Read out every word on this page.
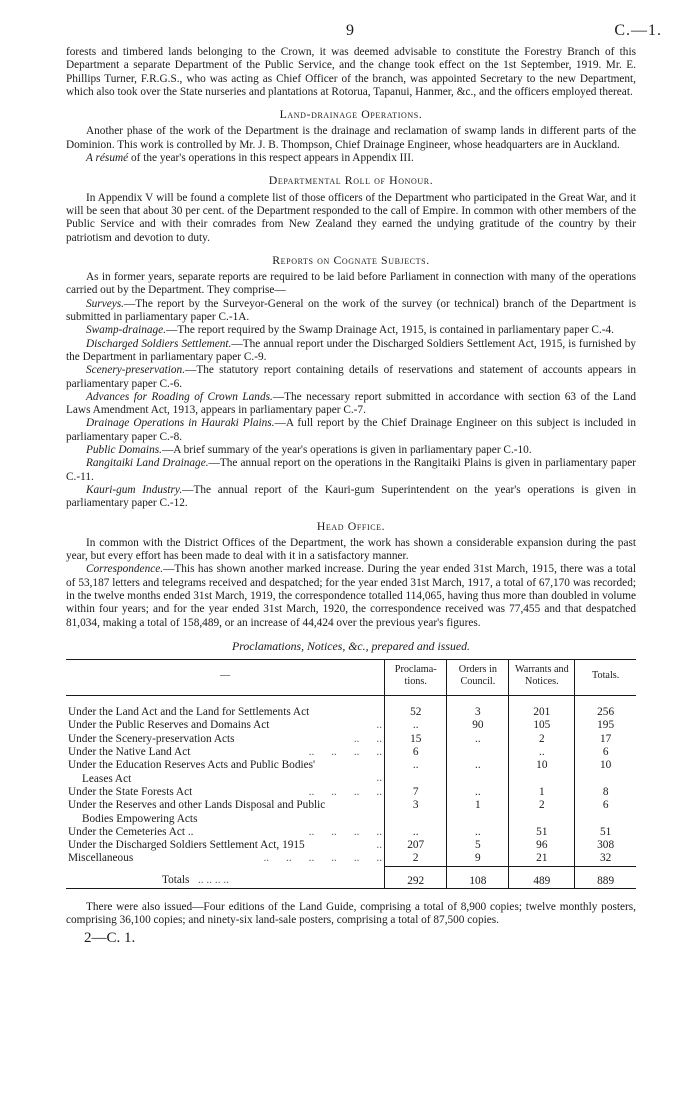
9	C.—1.

forests and timbered lands belonging to the Crown, it was deemed advisable to constitute the Forestry Branch of this Department a separate Department of the Public Service, and the change took effect on the 1st September, 1919. Mr. E. Phillips Turner, F.R.G.S., who was acting as Chief Officer of the branch, was appointed Secretary to the new Department, which also took over the State nurseries and plantations at Rotorua, Tapanui, Hanmer, &c., and the officers employed thereat.

Land-drainage Operations.

Another phase of the work of the Department is the drainage and reclamation of swamp lands in different parts of the Dominion. This work is controlled by Mr. J. B. Thompson, Chief Drainage Engineer, whose headquarters are in Auckland.

A résumé of the year's operations in this respect appears in Appendix III.

Departmental Roll of Honour.

In Appendix V will be found a complete list of those officers of the Department who participated in the Great War, and it will be seen that about 30 per cent. of the Department responded to the call of Empire. In common with other members of the Public Service and with their comrades from New Zealand they earned the undying gratitude of the country by their patriotism and devotion to duty.

Reports on Cognate Subjects.

As in former years, separate reports are required to be laid before Parliament in connection with many of the operations carried out by the Department. They comprise—

Surveys.—The report by the Surveyor-General on the work of the survey (or technical) branch of the Department is submitted in parliamentary paper C.-1A.

Swamp-drainage.—The report required by the Swamp Drainage Act, 1915, is contained in parliamentary paper C.-4.

Discharged Soldiers Settlement.—The annual report under the Discharged Soldiers Settlement Act, 1915, is furnished by the Department in parliamentary paper C.-9.

Scenery-preservation.—The statutory report containing details of reservations and statement of accounts appears in parliamentary paper C.-6.

Advances for Roading of Crown Lands.—The necessary report submitted in accordance with section 63 of the Land Laws Amendment Act, 1913, appears in parliamentary paper C.-7.

Drainage Operations in Hauraki Plains.—A full report by the Chief Drainage Engineer on this subject is included in parliamentary paper C.-8.

Public Domains.—A brief summary of the year's operations is given in parliamentary paper C.-10.

Rangitaiki Land Drainage.—The annual report on the operations in the Rangitaiki Plains is given in parliamentary paper C.-11.

Kauri-gum Industry.—The annual report of the Kauri-gum Superintendent on the year's operations is given in parliamentary paper C.-12.

Head Office.

In common with the District Offices of the Department, the work has shown a considerable expansion during the past year, but every effort has been made to deal with it in a satisfactory manner.

Correspondence.—This has shown another marked increase. During the year ended 31st March, 1915, there was a total of 53,187 letters and telegrams received and despatched; for the year ended 31st March, 1917, a total of 67,170 was recorded; in the twelve months ended 31st March, 1919, the correspondence totalled 114,065, having thus more than doubled in volume within four years; and for the year ended 31st March, 1920, the correspondence received was 77,455 and that despatched 81,034, making a total of 158,489, or an increase of 44,424 over the previous year's figures.

Proclamations, Notices, &c., prepared and issued.
—	Proclama-tions.	Orders in Council.	Warrants and Notices.	Totals.

Under the Land Act and the Land for Settlements Act	52	3	201	256

..
Under the Public Reserves and Domains Act	..	90	105	195

..      ..
Under the Scenery-preservation Acts	15	..	2	17

..      ..      ..      ..
Under the Native Land Act	6		..	6

..
Under the Education Reserves Acts and Public Bodies'
Leases Act	..	..	10	10

..      ..      ..      ..
Under the State Forests Act	7	..	1	8
Under the Reserves and other Lands Disposal and Public
Bodies Empowering Acts	3	1	2	6

..      ..      ..      ..
Under the Cemeteries Act ..	..	..	51	51

..
Under the Discharged Soldiers Settlement Act, 1915	207	5	96	308

..      ..      ..      ..      ..      ..
Miscellaneous	2	9	21	32
Totals .. .. .. ..	292	108	489	889

There were also issued—Four editions of the Land Guide, comprising a total of 8,900 copies; twelve monthly posters, comprising 36,100 copies; and ninety-six land-sale posters, comprising a total of 87,500 copies.

2—C. 1.
